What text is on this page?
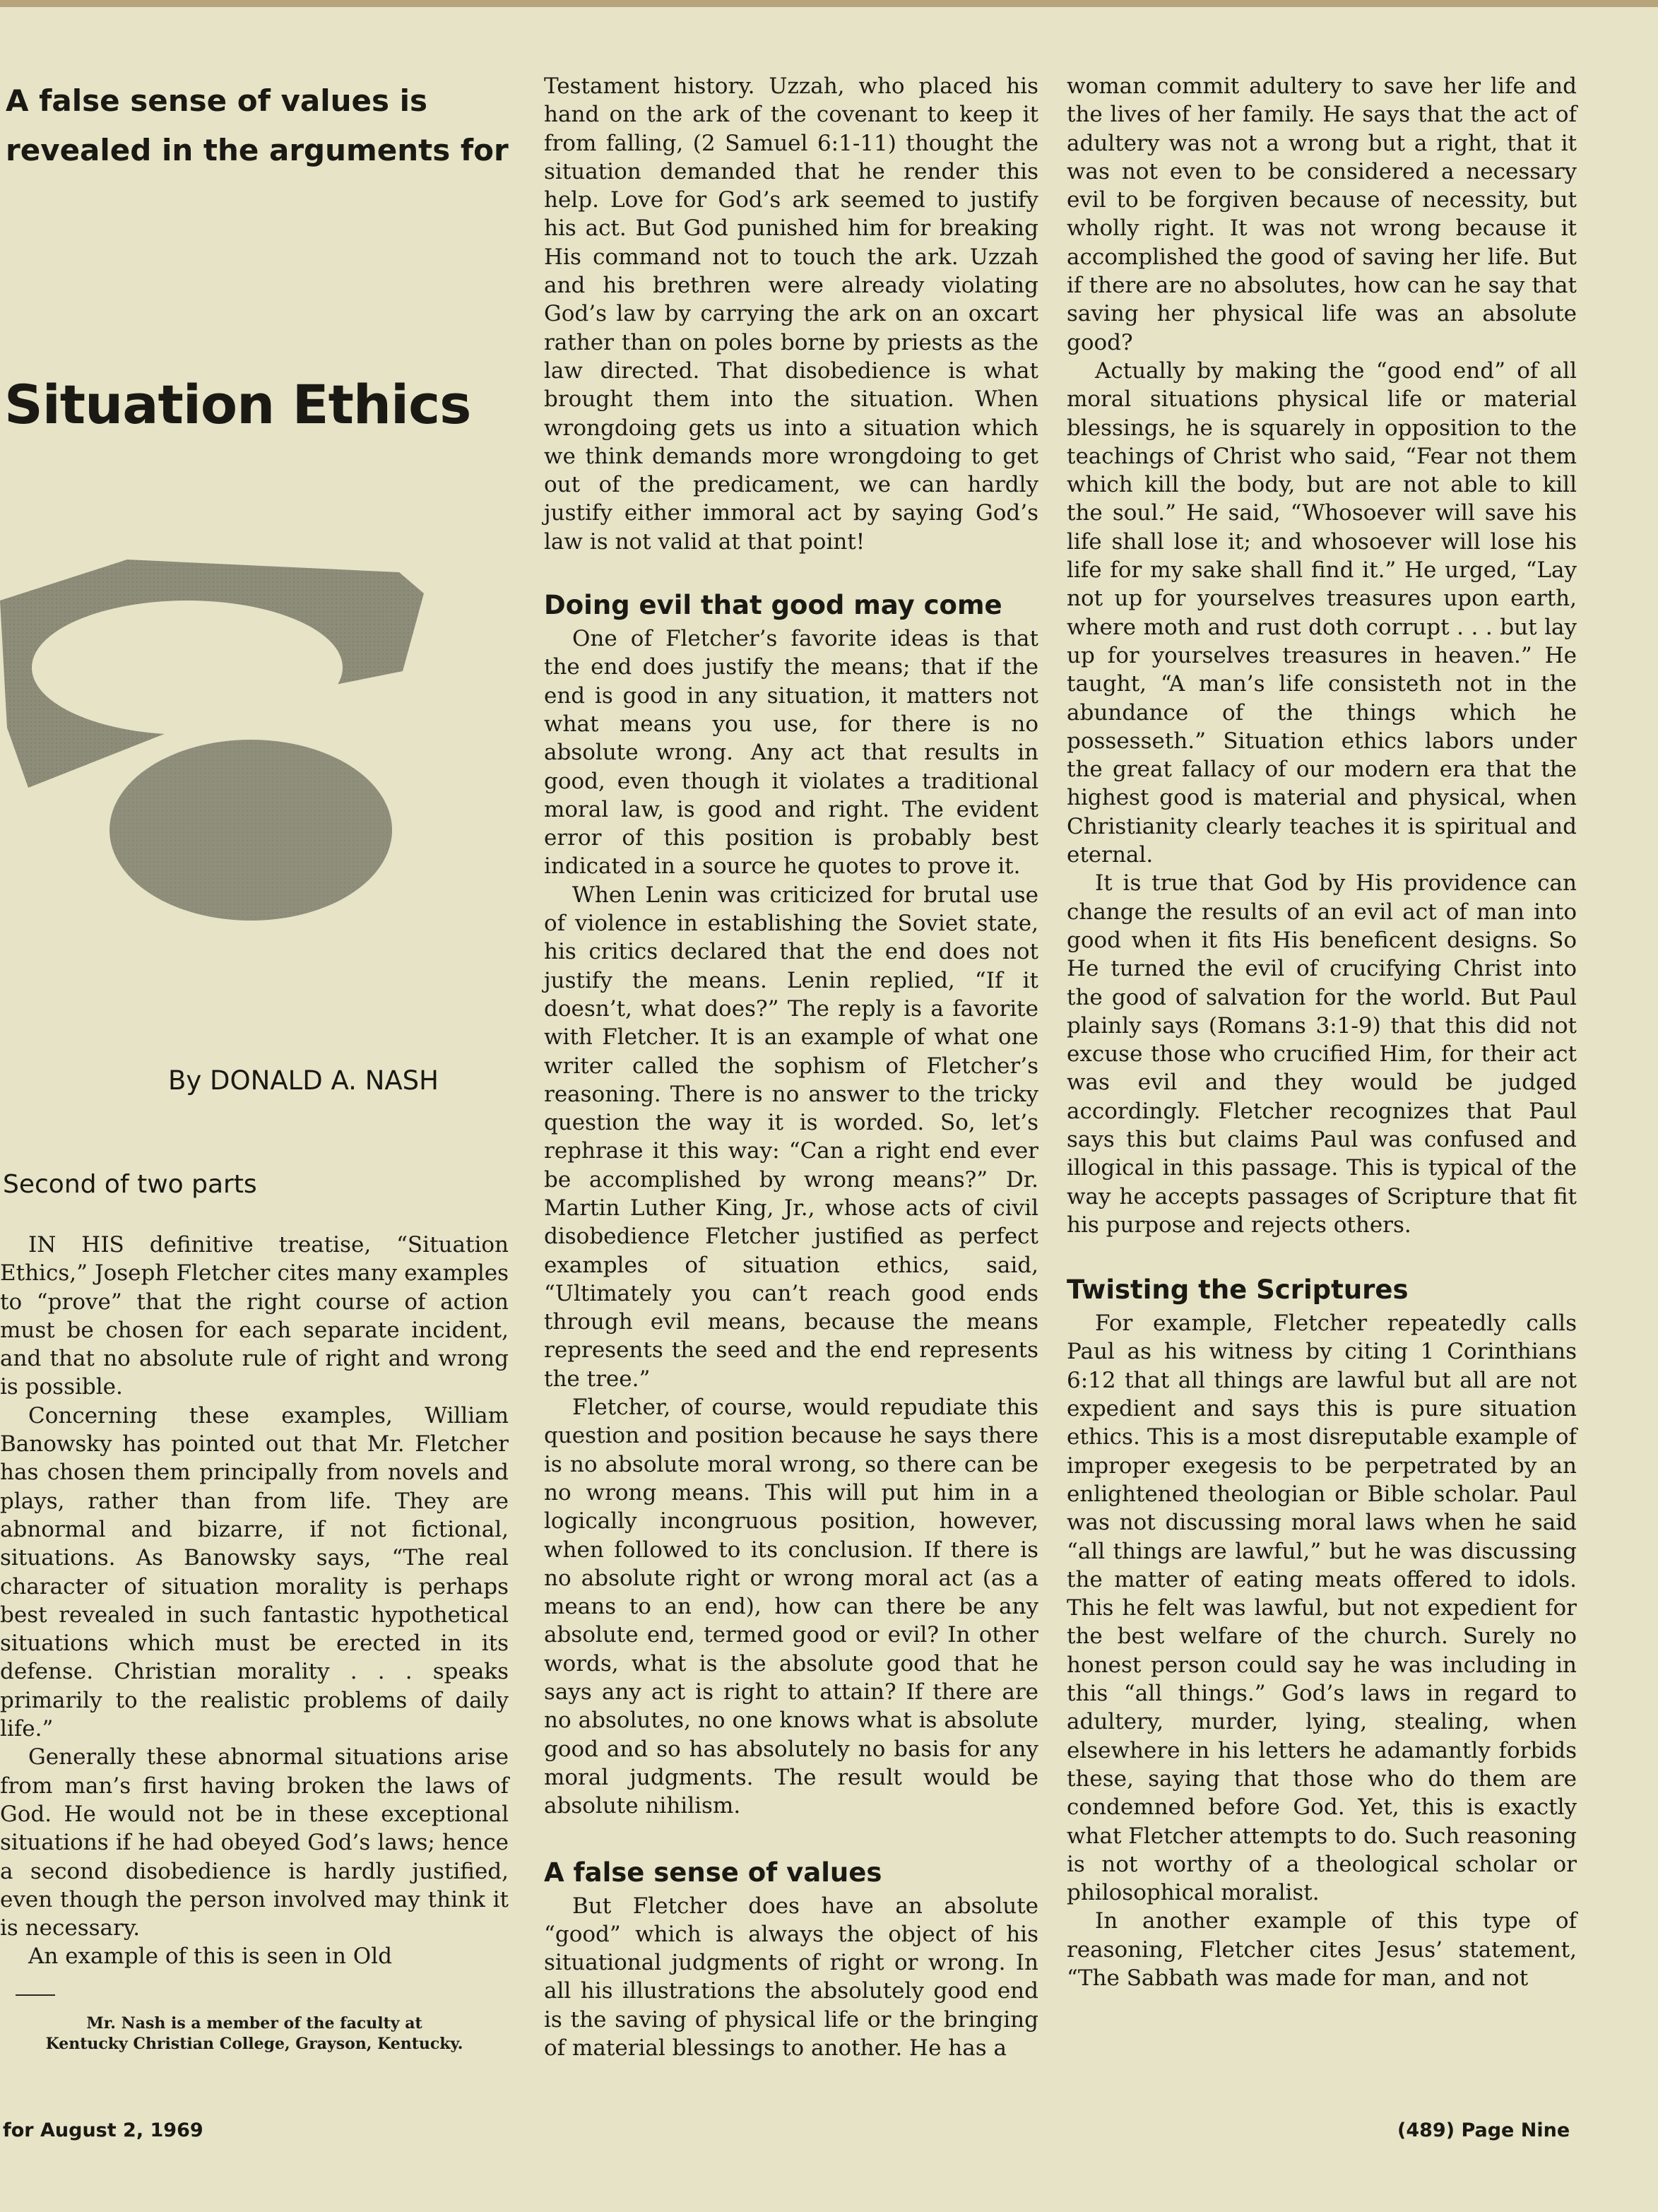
A false sense of values is
revealed in the arguments for
Situation Ethics
By DONALD A. NASH
Second of two parts

IN HIS definitive treatise, “Situation Ethics,” Joseph Fletcher cites many examples to “prove” that the right course of action must be chosen for each separate incident, and that no absolute rule of right and wrong is possible.

Concerning these examples, William Banowsky has pointed out that Mr. Fletcher has chosen them principally from novels and plays, rather than from life. They are abnormal and bizarre, if not fictional, situations. As Banowsky says, “The real character of situation morality is perhaps best revealed in such fantastic hypothetical situations which must be erected in its defense. Christian morality . . . speaks primarily to the realistic problems of daily life.”

Generally these abnormal situations arise from man’s first having broken the laws of God. He would not be in these exceptional situations if he had obeyed God’s laws; hence a second disobedience is hardly justified, even though the person involved may think it is necessary.

An example of this is seen in Old

Mr. Nash is a member of the faculty at
Kentucky Christian College, Grayson, Kentucky.

Testament history. Uzzah, who placed his hand on the ark of the covenant to keep it from falling, (2 Samuel 6:1-11) thought the situation demanded that he render this help. Love for God’s ark seemed to justify his act. But God punished him for breaking His command not to touch the ark. Uzzah and his brethren were already violating God’s law by carrying the ark on an oxcart rather than on poles borne by priests as the law directed. That disobedience is what brought them into the situation. When wrongdoing gets us into a situation which we think demands more wrongdoing to get out of the predicament, we can hardly justify either immoral act by saying God’s law is not valid at that point!

Doing evil that good may come

One of Fletcher’s favorite ideas is that the end does justify the means; that if the end is good in any situation, it matters not what means you use, for there is no absolute wrong. Any act that results in good, even though it violates a traditional moral law, is good and right. The evident error of this position is probably best indicated in a source he quotes to prove it.

When Lenin was criticized for brutal use of violence in establishing the Soviet state, his critics declared that the end does not justify the means. Lenin replied, “If it doesn’t, what does?” The reply is a favorite with Fletcher. It is an example of what one writer called the sophism of Fletcher’s reasoning. There is no answer to the tricky question the way it is worded. So, let’s rephrase it this way: “Can a right end ever be accomplished by wrong means?” Dr. Martin Luther King, Jr., whose acts of civil disobedience Fletcher justified as perfect examples of situation ethics, said, “Ultimately you can’t reach good ends through evil means, because the means represents the seed and the end represents the tree.”

Fletcher, of course, would repudiate this question and position because he says there is no absolute moral wrong, so there can be no wrong means. This will put him in a logically incongruous position, however, when followed to its conclusion. If there is no absolute right or wrong moral act (as a means to an end), how can there be any absolute end, termed good or evil? In other words, what is the absolute good that he says any act is right to attain? If there are no absolutes, no one knows what is absolute good and so has absolutely no basis for any moral judgments. The result would be absolute nihilism.

A false sense of values

But Fletcher does have an absolute “good” which is always the object of his situational judgments of right or wrong. In all his illustrations the absolutely good end is the saving of physical life or the bringing of material blessings to another. He has a

woman commit adultery to save her life and the lives of her family. He says that the act of adultery was not a wrong but a right, that it was not even to be considered a necessary evil to be forgiven because of necessity, but wholly right. It was not wrong because it accomplished the good of saving her life. But if there are no absolutes, how can he say that saving her physical life was an absolute good?

Actually by making the “good end” of all moral situations physical life or material blessings, he is squarely in opposition to the teachings of Christ who said, “Fear not them which kill the body, but are not able to kill the soul.” He said, “Whosoever will save his life shall lose it; and whosoever will lose his life for my sake shall find it.” He urged, “Lay not up for yourselves treasures upon earth, where moth and rust doth corrupt . . . but lay up for yourselves treasures in heaven.” He taught, “A man’s life consisteth not in the abundance of the things which he possesseth.” Situation ethics labors under the great fallacy of our modern era that the highest good is material and physical, when Christianity clearly teaches it is spiritual and eternal.

It is true that God by His providence can change the results of an evil act of man into good when it fits His beneficent designs. So He turned the evil of crucifying Christ into the good of salvation for the world. But Paul plainly says (Romans 3:1-9) that this did not excuse those who crucified Him, for their act was evil and they would be judged accordingly. Fletcher recognizes that Paul says this but claims Paul was confused and illogical in this passage. This is typical of the way he accepts passages of Scripture that fit his purpose and rejects others.

Twisting the Scriptures

For example, Fletcher repeatedly calls Paul as his witness by citing 1 Corinthians 6:12 that all things are lawful but all are not expedient and says this is pure situation ethics. This is a most disreputable example of improper exegesis to be perpetrated by an enlightened theologian or Bible scholar. Paul was not discussing moral laws when he said “all things are lawful,” but he was discussing the matter of eating meats offered to idols. This he felt was lawful, but not expedient for the best welfare of the church. Surely no honest person could say he was including in this “all things.” God’s laws in regard to adultery, murder, lying, stealing, when elsewhere in his letters he adamantly forbids these, saying that those who do them are condemned before God. Yet, this is exactly what Fletcher attempts to do. Such reasoning is not worthy of a theological scholar or philosophical moralist.

In another example of this type of reasoning, Fletcher cites Jesus’ statement, “The Sabbath was made for man, and not

for August 2, 1969	(489) Page Nine
